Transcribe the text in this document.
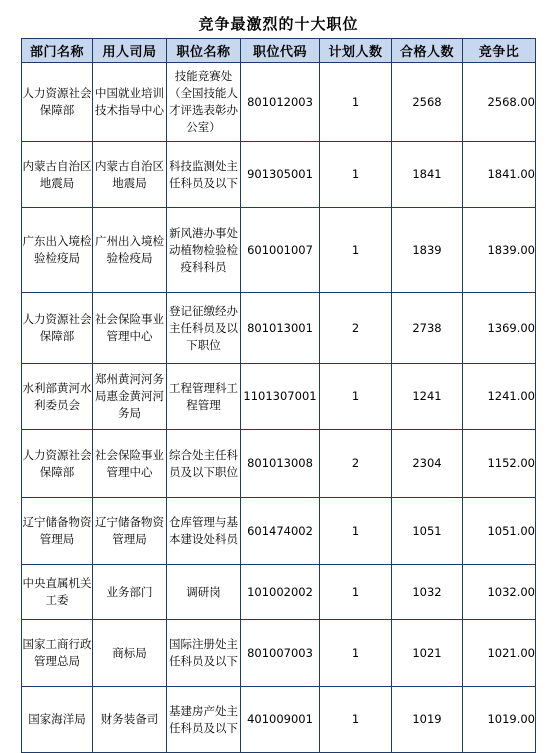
竞争最激烈的十大职位
部门名称	用人司局	职位名称	职位代码	计划人数	合格人数	竞争比
人力资源社会保障部	中国就业培训技术指导中心	技能竞赛处（全国技能人才评选表彰办公室）	801012003	1	2568	2568.00
内蒙古自治区地震局	内蒙古自治区地震局	科技监测处主任科员及以下	901305001	1	1841	1841.00
广东出入境检验检疫局	广州出入境检验检疫局	新风港办事处动植物检验检疫科科员	601001007	1	1839	1839.00
人力资源社会保障部	社会保险事业管理中心	登记征缴经办主任科员及以下职位	801013001	2	2738	1369.00
水利部黄河水利委员会	郑州黄河河务局惠金黄河河务局	工程管理科工程管理	1101307001	1	1241	1241.00
人力资源社会保障部	社会保险事业管理中心	综合处主任科员及以下职位	801013008	2	2304	1152.00
辽宁储备物资管理局	辽宁储备物资管理局	仓库管理与基本建设处科员	601474002	1	1051	1051.00
中央直属机关工委	业务部门	调研岗	101002002	1	1032	1032.00
国家工商行政管理总局	商标局	国际注册处主任科员及以下	801007003	1	1021	1021.00
国家海洋局	财务装备司	基建房产处主任科员及以下	401009001	1	1019	1019.00
